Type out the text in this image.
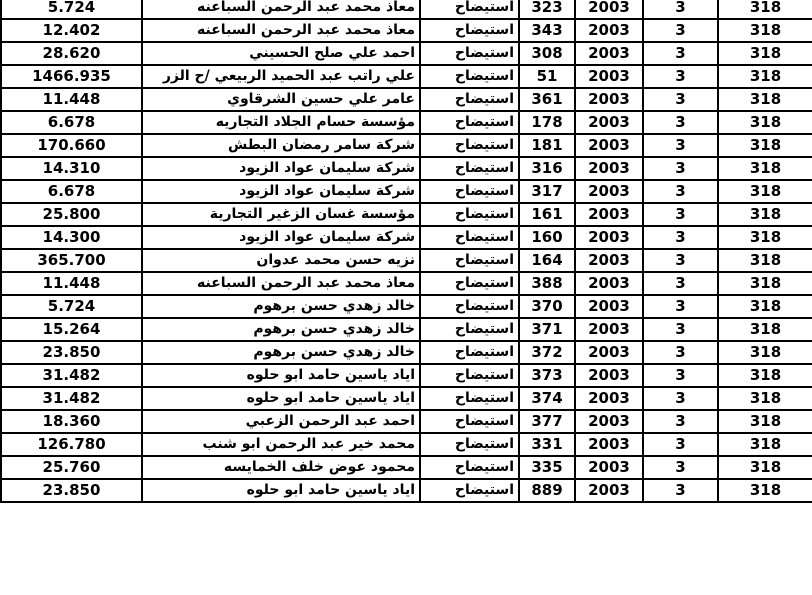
5.724	معاذ محمد عبد الرحمن السباعنه	استيضاح	323	2003	3	318
12.402	معاذ محمد عبد الرحمن السباعنه	استيضاح	343	2003	3	318
28.620	احمد علي صلح الحسيني	استيضاح	308	2003	3	318
1466.935	علي راتب عبد الحميد الربيعي /ح الزر	استيضاح	51	2003	3	318
11.448	عامر علي حسين الشرقاوي	استيضاح	361	2003	3	318
6.678	مؤسسة حسام الجلاد التجاريه	استيضاح	178	2003	3	318
170.660	شركة سامر رمضان البطش	استيضاح	181	2003	3	318
14.310	شركة سليمان عواد الزيود	استيضاح	316	2003	3	318
6.678	شركة سليمان عواد الزيود	استيضاح	317	2003	3	318
25.800	مؤسسة غسان الزغير التجارية	استيضاح	161	2003	3	318
14.300	شركة سليمان عواد الزيود	استيضاح	160	2003	3	318
365.700	نزيه حسن محمد عدوان	استيضاح	164	2003	3	318
11.448	معاذ محمد عبد الرحمن السباعنه	استيضاح	388	2003	3	318
5.724	خالد زهدي حسن برهوم	استيضاح	370	2003	3	318
15.264	خالد زهدي حسن برهوم	استيضاح	371	2003	3	318
23.850	خالد زهدي حسن برهوم	استيضاح	372	2003	3	318
31.482	اياد ياسين حامد ابو حلوه	استيضاح	373	2003	3	318
31.482	اياد ياسين حامد ابو حلوه	استيضاح	374	2003	3	318
18.360	احمد عبد الرحمن الزعبي	استيضاح	377	2003	3	318
126.780	محمد خير عبد الرحمن ابو شنب	استيضاح	331	2003	3	318
25.760	محمود عوض خلف الخمايسه	استيضاح	335	2003	3	318
23.850	اياد ياسين حامد ابو حلوه	استيضاح	889	2003	3	318
